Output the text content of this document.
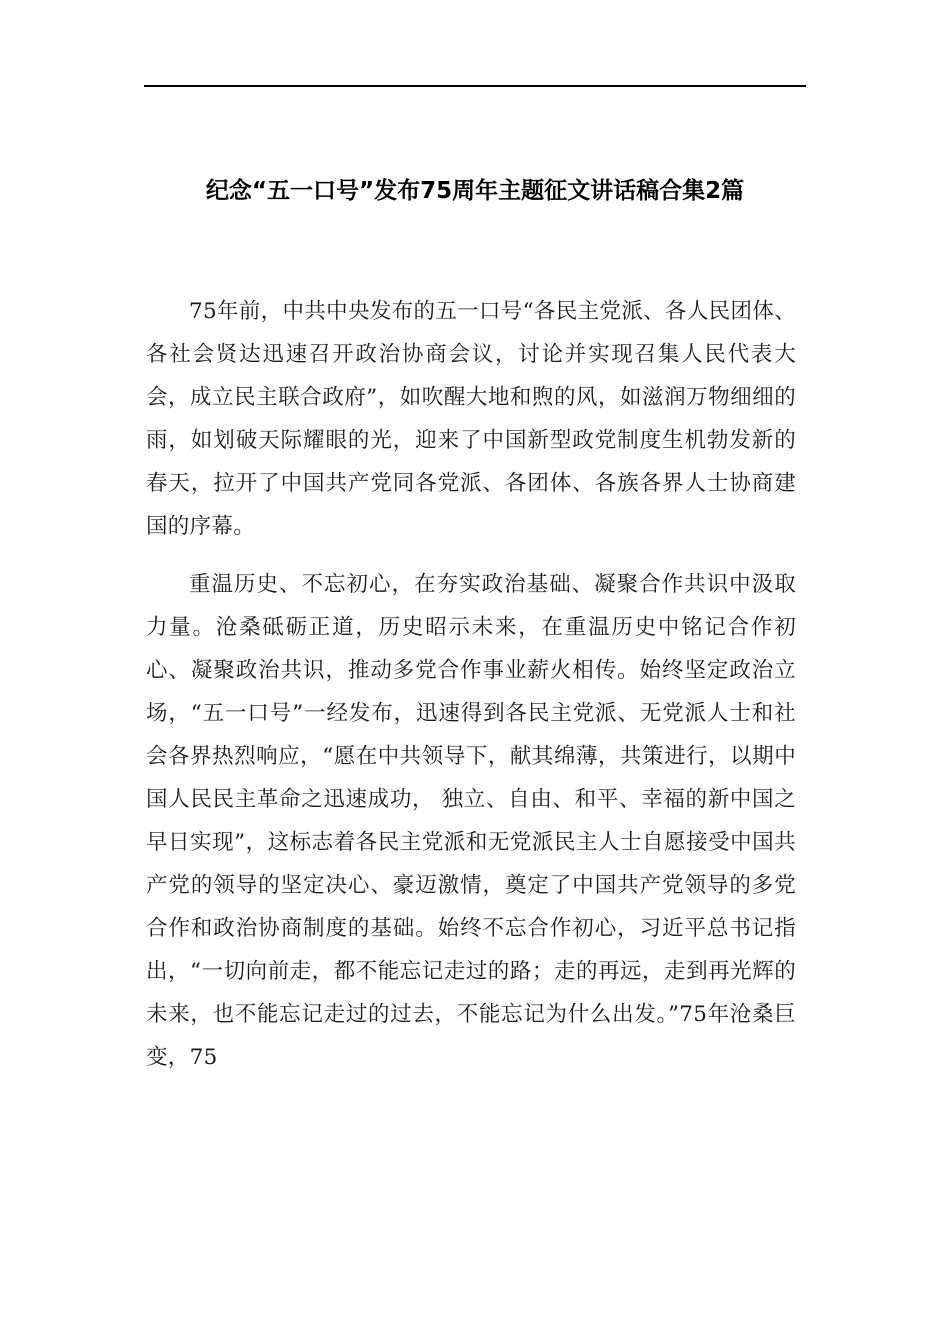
纪念“五一口号”发布75周年主题征文讲话稿合集2篇

75年前，中共中央发布的五一口号“各民主党派、各人民团体、各社会贤达迅速召开政治协商会议，讨论并实现召集人民代表大会，成立民主联合政府”，如吹醒大地和煦的风，如滋润万物细细的雨，如划破天际耀眼的光，迎来了中国新型政党制度生机勃发新的春天，拉开了中国共产党同各党派、各团体、各族各界人士协商建国的序幕。

重温历史、不忘初心，在夯实政治基础、凝聚合作共识中汲取力量。沧桑砥砺正道，历史昭示未来，在重温历史中铭记合作初心、凝聚政治共识，推动多党合作事业薪火相传。始终坚定政治立场，“五一口号”一经发布，迅速得到各民主党派、无党派人士和社会各界热烈响应，“愿在中共领导下，献其绵薄，共策进行，以期中国人民民主革命之迅速成功， 独立、自由、和平、幸福的新中国之早日实现”，这标志着各民主党派和无党派民主人士自愿接受中国共产党的领导的坚定决心、豪迈激情，奠定了中国共产党领导的多党合作和政治协商制度的基础。始终不忘合作初心，习近平总书记指出，“一切向前走，都不能忘记走过的路；走的再远，走到再光辉的未来，也不能忘记走过的过去，不能忘记为什么出发。”75年沧桑巨变，75
